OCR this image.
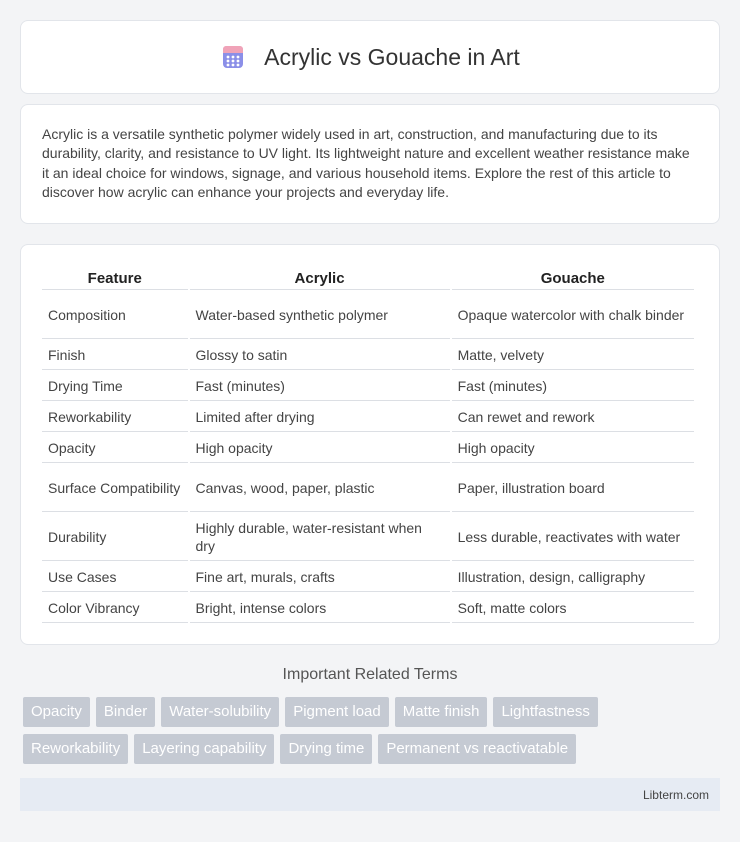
Acrylic vs Gouache in Art

Acrylic is a versatile synthetic polymer widely used in art, construction, and manufacturing due to its durability, clarity, and resistance to UV light. Its lightweight nature and excellent weather resistance make it an ideal choice for windows, signage, and various household items. Explore the rest of this article to discover how acrylic can enhance your projects and everyday life.

Feature	Acrylic	Gouache
Composition	Water-based synthetic polymer	Opaque watercolor with chalk binder
Finish	Glossy to satin	Matte, velvety
Drying Time	Fast (minutes)	Fast (minutes)
Reworkability	Limited after drying	Can rewet and rework
Opacity	High opacity	High opacity
Surface Compatibility	Canvas, wood, paper, plastic	Paper, illustration board
Durability	Highly durable, water-resistant when dry	Less durable, reactivates with water
Use Cases	Fine art, murals, crafts	Illustration, design, calligraphy
Color Vibrancy	Bright, intense colors	Soft, matte colors
Important Related Terms
Opacity	Binder	Water-solubility	Pigment load	Matte finish	Lightfastness
Reworkability	Layering capability	Drying time	Permanent vs reactivatable
Libterm.com
